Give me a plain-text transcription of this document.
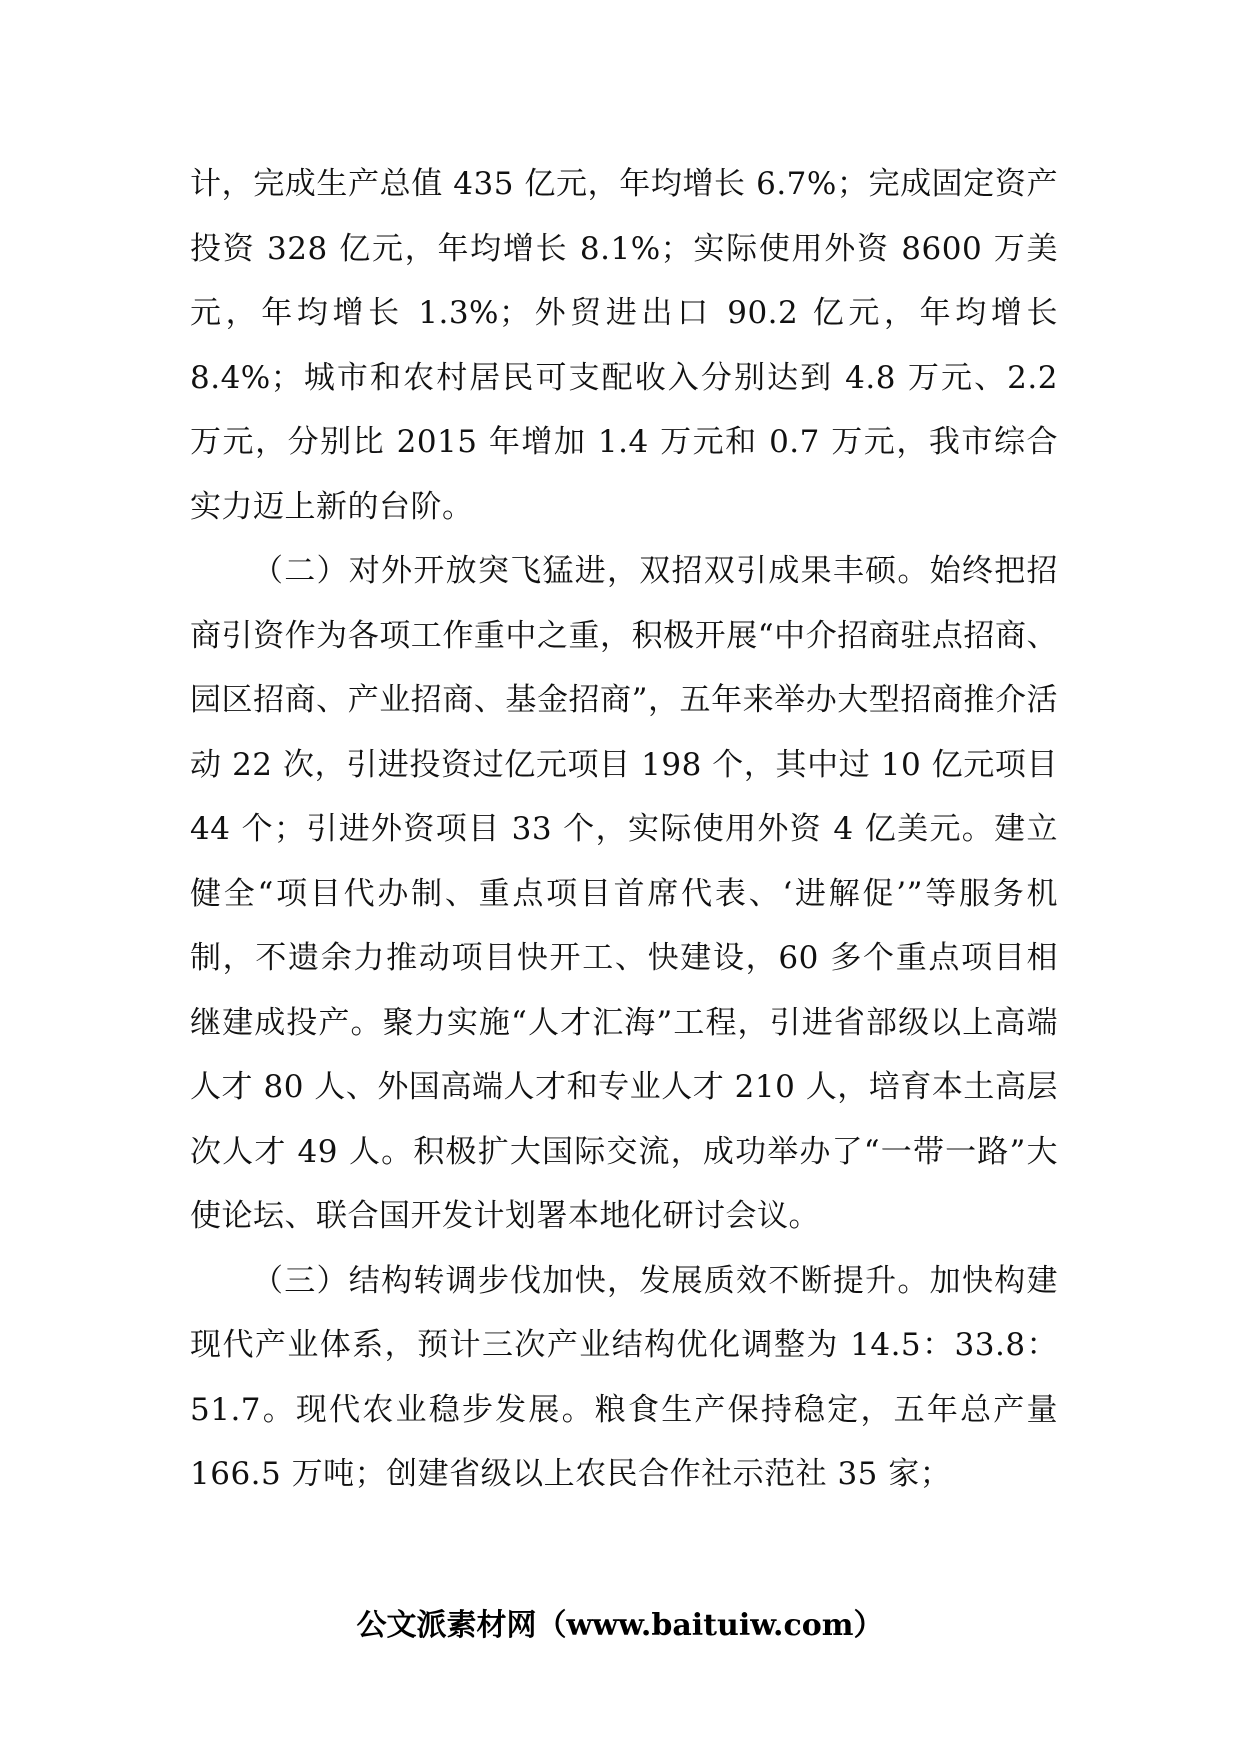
计，完成生产总值 435 亿元，年均增长 6.7%；完成固定资产投资 328 亿元，年均增长 8.1%；实际使用外资 8600 万美元，年均增长 1.3%；外贸进出口 90.2 亿元，年均增长 8.4%；城市和农村居民可支配收入分别达到 4.8 万元、2.2 万元，分别比 2015 年增加 1.4 万元和 0.7 万元，我市综合实力迈上新的台阶。

（二）对外开放突飞猛进，双招双引成果丰硕。始终把招商引资作为各项工作重中之重，积极开展“中介招商驻点招商、园区招商、产业招商、基金招商”，五年来举办大型招商推介活动 22 次，引进投资过亿元项目 198 个，其中过 10 亿元项目 44 个；引进外资项目 33 个，实际使用外资 4 亿美元。建立健全“项目代办制、重点项目首席代表、‘进解促’”等服务机制，不遗余力推动项目快开工、快建设，60 多个重点项目相继建成投产。聚力实施“人才汇海”工程，引进省部级以上高端人才 80 人、外国高端人才和专业人才 210 人，培育本土高层次人才 49 人。积极扩大国际交流，成功举办了“一带一路”大使论坛、联合国开发计划署本地化研讨会议。

（三）结构转调步伐加快，发展质效不断提升。加快构建现代产业体系，预计三次产业结构优化调整为 14.5：33.8：51.7。现代农业稳步发展。粮食生产保持稳定，五年总产量 166.5 万吨；创建省级以上农民合作社示范社 35 家；

公文派素材网（www.baituiw.com）
